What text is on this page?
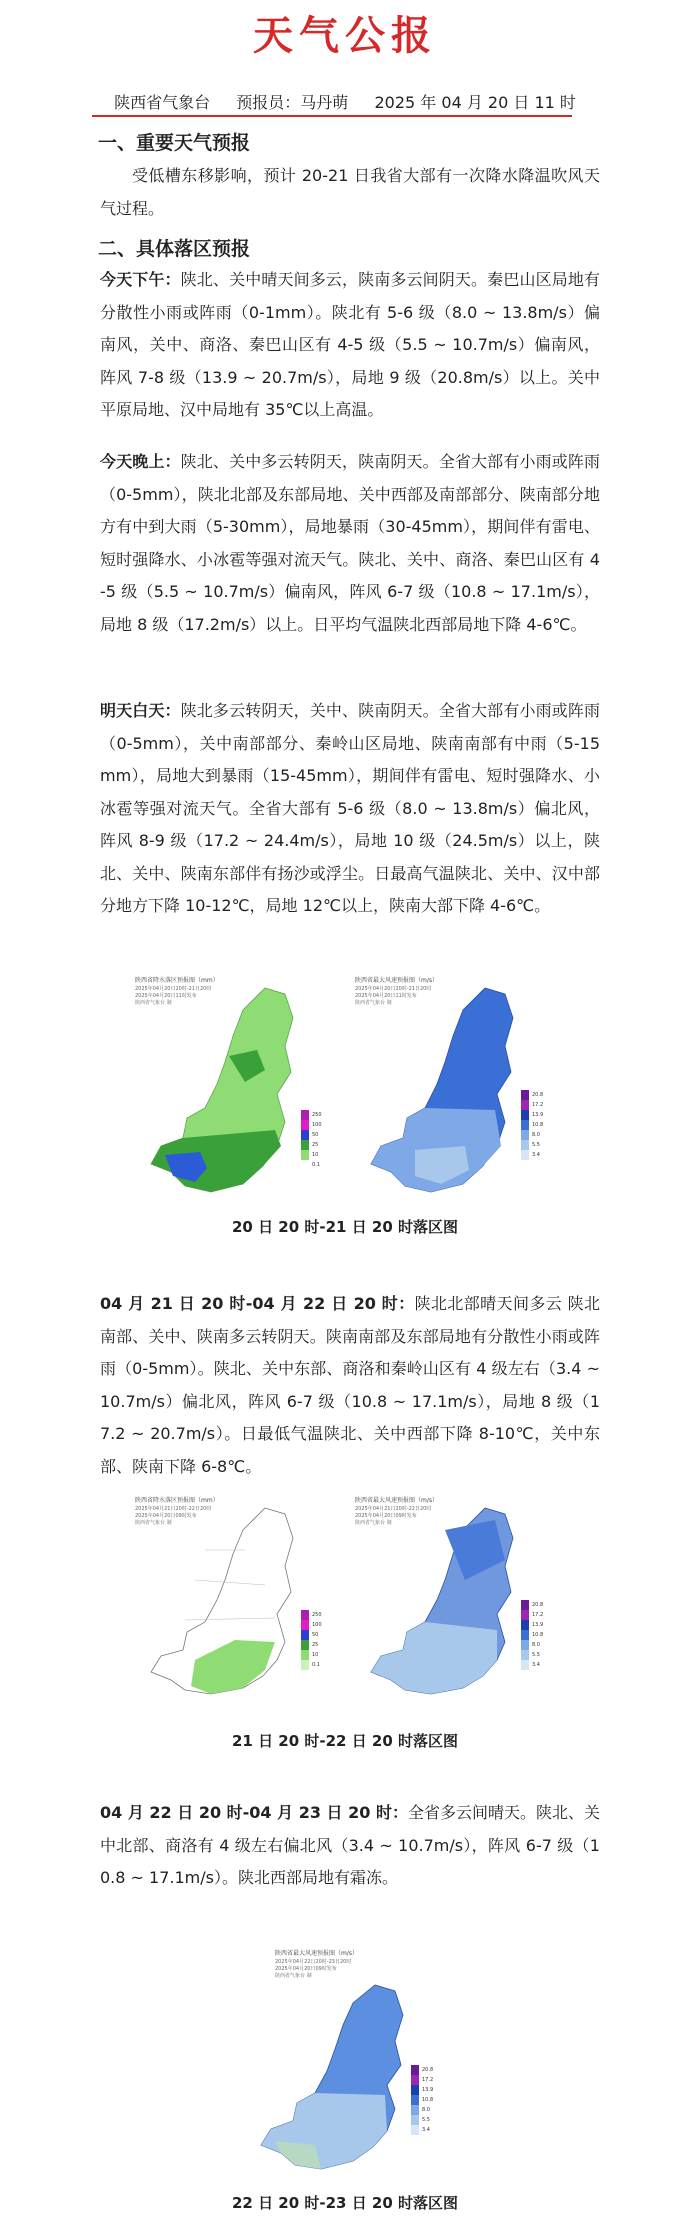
天气公报
陕西省气象台 预报员：马丹萌 2025 年 04 月 20 日 11 时
一、重要天气预报
受低槽东移影响，预计 20-21 日我省大部有一次降水降温吹风天气过程。
二、具体落区预报
今天下午：陕北、关中晴天间多云，陕南多云间阴天。秦巴山区局地有分散性小雨或阵雨（0-1mm）。陕北有 5-6 级（8.0 ~ 13.8m/s）偏南风，关中、商洛、秦巴山区有 4-5 级（5.5 ~ 10.7m/s）偏南风，阵风 7-8 级（13.9 ~ 20.7m/s），局地 9 级（20.8m/s）以上。关中平原局地、汉中局地有 35℃以上高温。
今天晚上：陕北、关中多云转阴天，陕南阴天。全省大部有小雨或阵雨（0-5mm），陕北北部及东部局地、关中西部及南部部分、陕南部分地方有中到大雨（5-30mm），局地暴雨（30-45mm），期间伴有雷电、短时强降水、小冰雹等强对流天气。陕北、关中、商洛、秦巴山区有 4-5 级（5.5 ~ 10.7m/s）偏南风，阵风 6-7 级（10.8 ~ 17.1m/s），局地 8 级（17.2m/s）以上。日平均气温陕北西部局地下降 4-6℃。
明天白天：陕北多云转阴天，关中、陕南阴天。全省大部有小雨或阵雨（0-5mm），关中南部部分、秦岭山区局地、陕南南部有中雨（5-15mm），局地大到暴雨（15-45mm），期间伴有雷电、短时强降水、小冰雹等强对流天气。全省大部有 5-6 级（8.0 ~ 13.8m/s）偏北风，阵风 8-9 级（17.2 ~ 24.4m/s），局地 10 级（24.5m/s）以上，陕北、关中、陕南东部伴有扬沙或浮尘。日最高气温陕北、关中、汉中部分地方下降 10-12℃，局地 12℃以上，陕南大部下降 4-6℃。
陕西省降水落区预报图（mm）
2025年04月20日20时-21日20时
2025年04月20日11时发布
陕西省气象台 制
250
100
50
25
10
0.1
陕西省最大风速预报图（m/s）
2025年04月20日20时-21日20时
2025年04月20日11时发布
陕西省气象台 制
20.8
17.2
13.9
10.8
8.0
5.5
3.4
20 日 20 时-21 日 20 时落区图
04 月 21 日 20 时-04 月 22 日 20 时：陕北北部晴天间多云 陕北南部、关中、陕南多云转阴天。陕南南部及东部局地有分散性小雨或阵雨（0-5mm）。陕北、关中东部、商洛和秦岭山区有 4 级左右（3.4 ~ 10.7m/s）偏北风，阵风 6-7 级（10.8 ~ 17.1m/s），局地 8 级（17.2 ~ 20.7m/s）。日最低气温陕北、关中西部下降 8-10℃，关中东部、陕南下降 6-8℃。
陕西省降水落区预报图（mm）
2025年04月21日20时-22日20时
2025年04月20日09时发布
陕西省气象台 制
250
100
50
25
10
0.1
陕西省最大风速预报图（m/s）
2025年04月21日20时-22日20时
2025年04月20日09时发布
陕西省气象台 制
20.8
17.2
13.9
10.8
8.0
5.5
3.4
21 日 20 时-22 日 20 时落区图
04 月 22 日 20 时-04 月 23 日 20 时：全省多云间晴天。陕北、关中北部、商洛有 4 级左右偏北风（3.4 ~ 10.7m/s），阵风 6-7 级（10.8 ~ 17.1m/s）。陕北西部局地有霜冻。
陕西省最大风速预报图（m/s）
2025年04月22日20时-23日20时
2025年04月20日09时发布
陕西省气象台 制
20.8
17.2
13.9
10.8
8.0
5.5
3.4
22 日 20 时-23 日 20 时落区图
